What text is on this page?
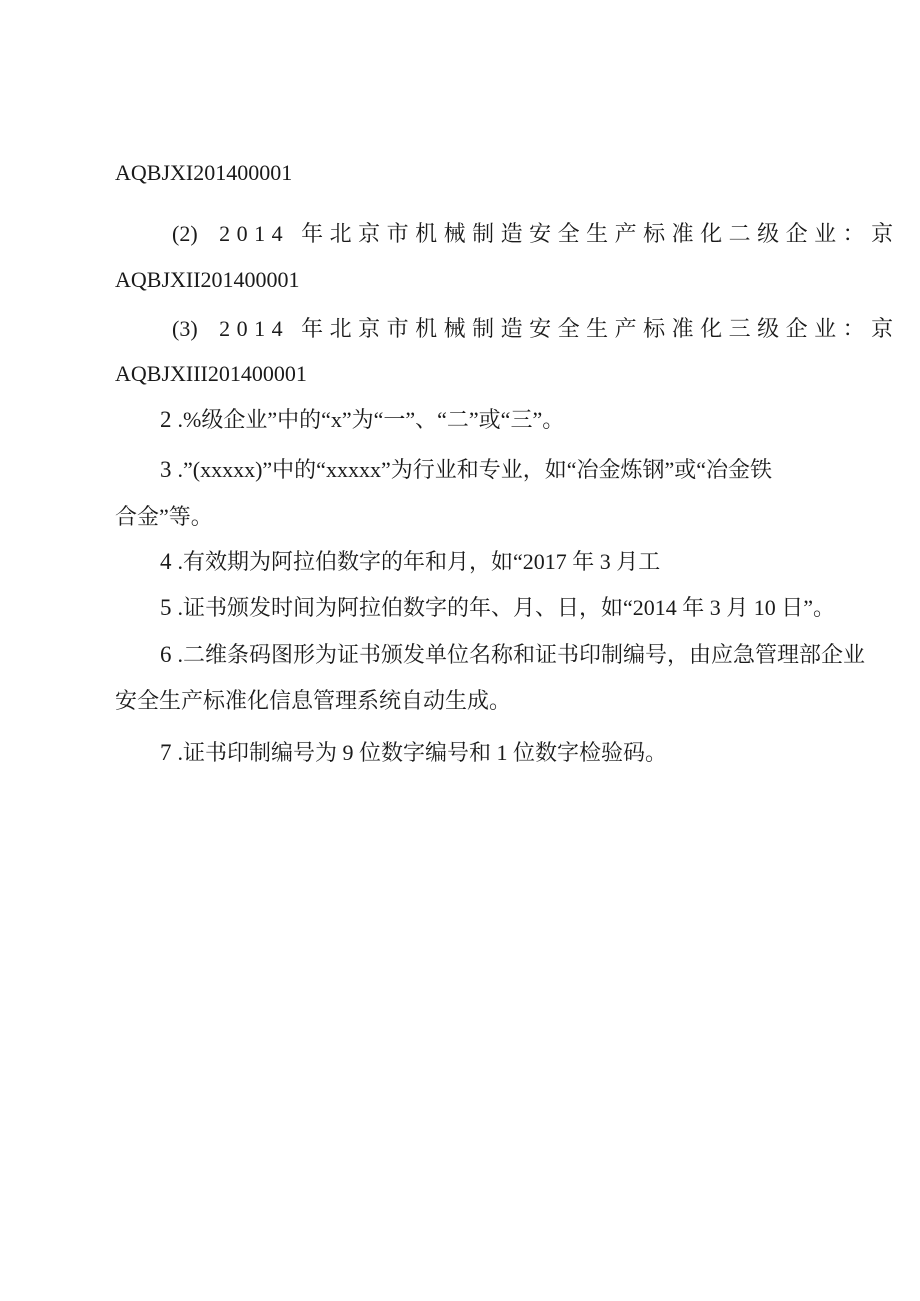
AQBJXI201400001
(2) 2014 年北京市机械制造安全生产标准化二级企业：京
AQBJXII201400001
(3) 2014 年北京市机械制造安全生产标准化三级企业：京
AQBJXIII201400001
2 .%级企业”中的“x”为“一”、“二”或“三”。
3 .”(xxxxx)”中的“xxxxx”为行业和专业，如“冶金炼钢”或“冶金铁
合金”等。
4 .有效期为阿拉伯数字的年和月，如“2017 年 3 月工
5 .证书颁发时间为阿拉伯数字的年、月、日，如“2014 年 3 月 10 日”。
6 .二维条码图形为证书颁发单位名称和证书印制编号，由应急管理部企业
安全生产标准化信息管理系统自动生成。
7 .证书印制编号为 9 位数字编号和 1 位数字检验码。
